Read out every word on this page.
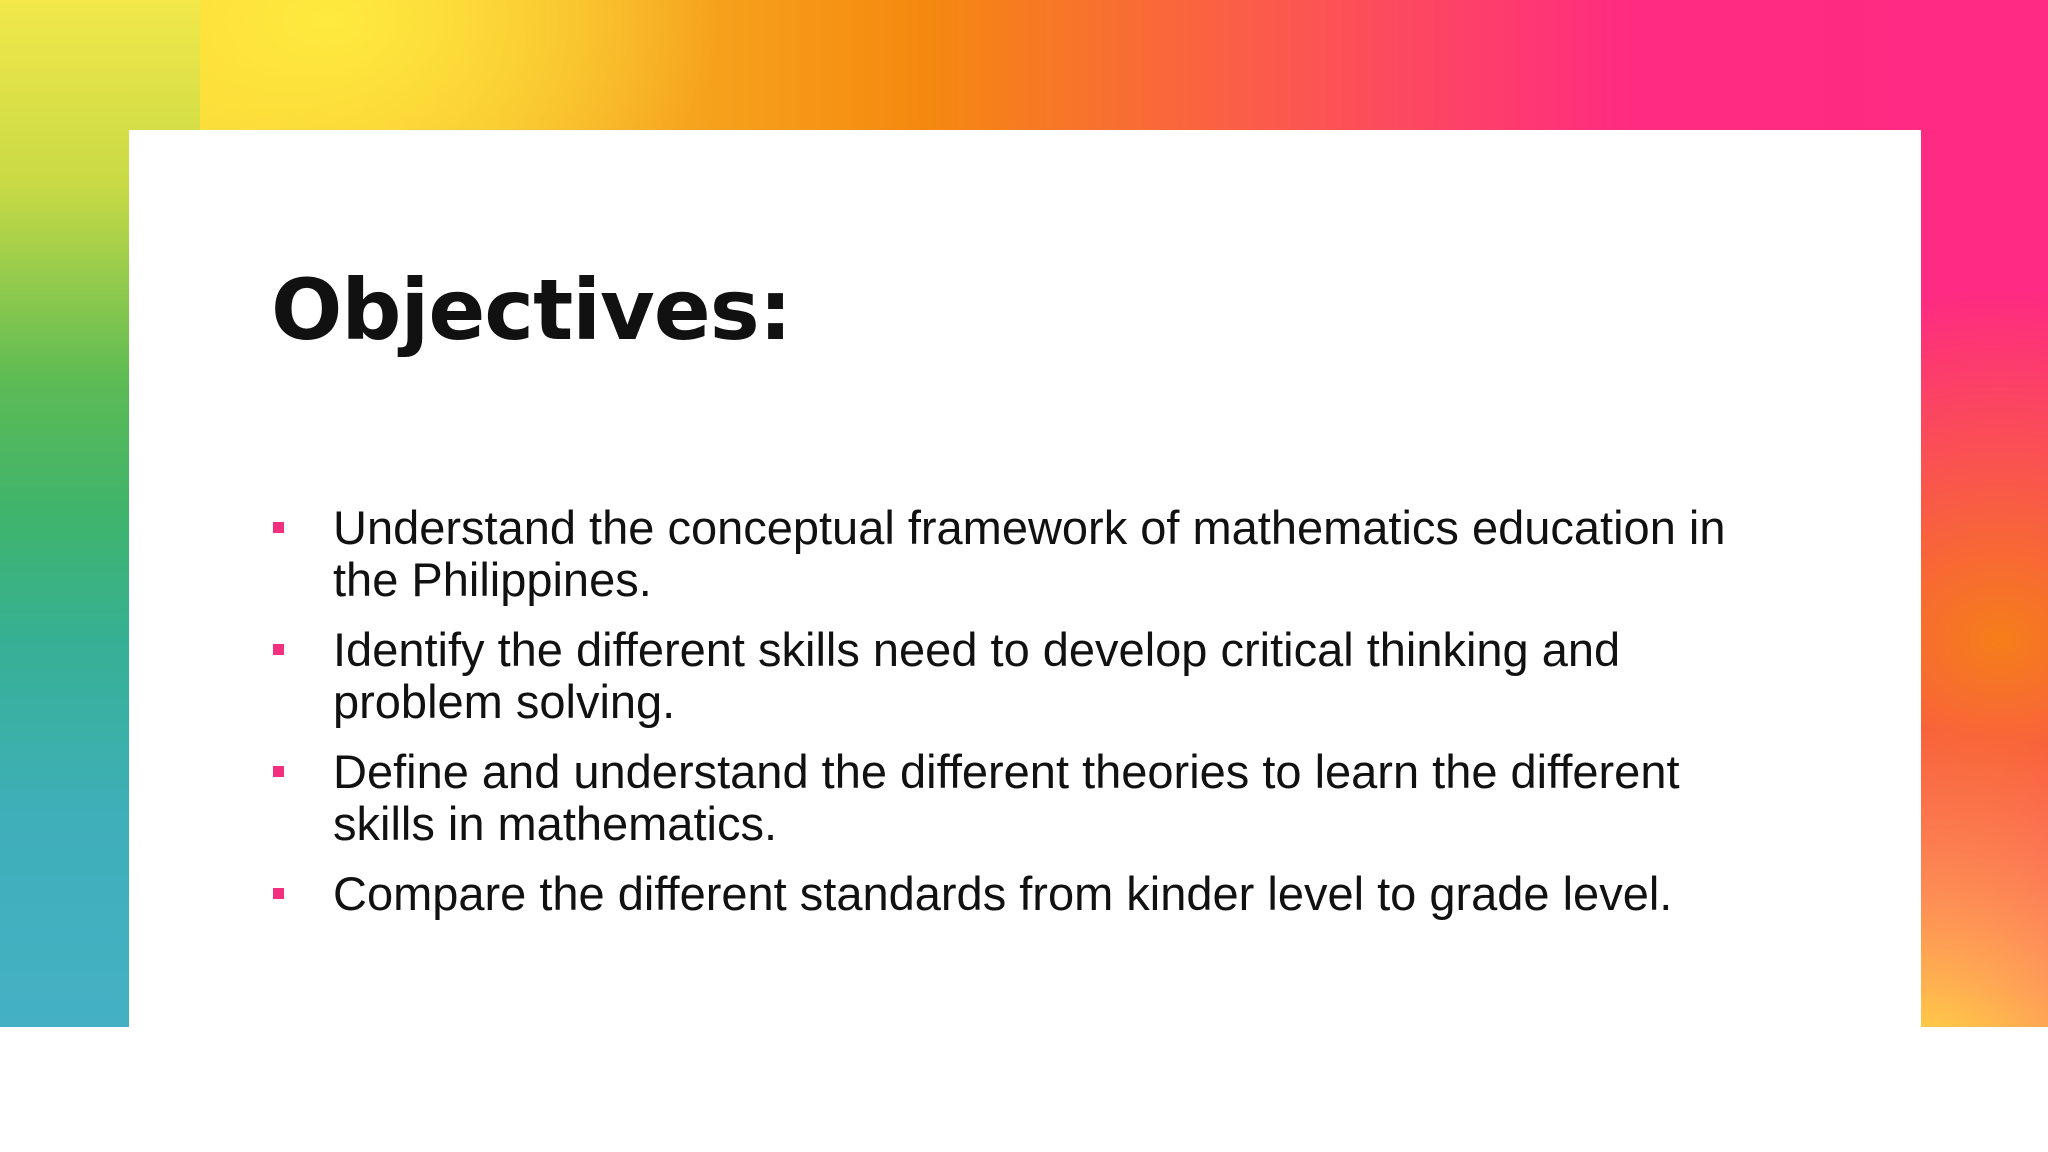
Objectives:
Understand the conceptual framework of mathematics education in the Philippines.
Identify the different skills need to develop critical thinking and problem solving.
Define and understand the different theories to learn the different skills in mathematics.
Compare the different standards from kinder level to grade level.
